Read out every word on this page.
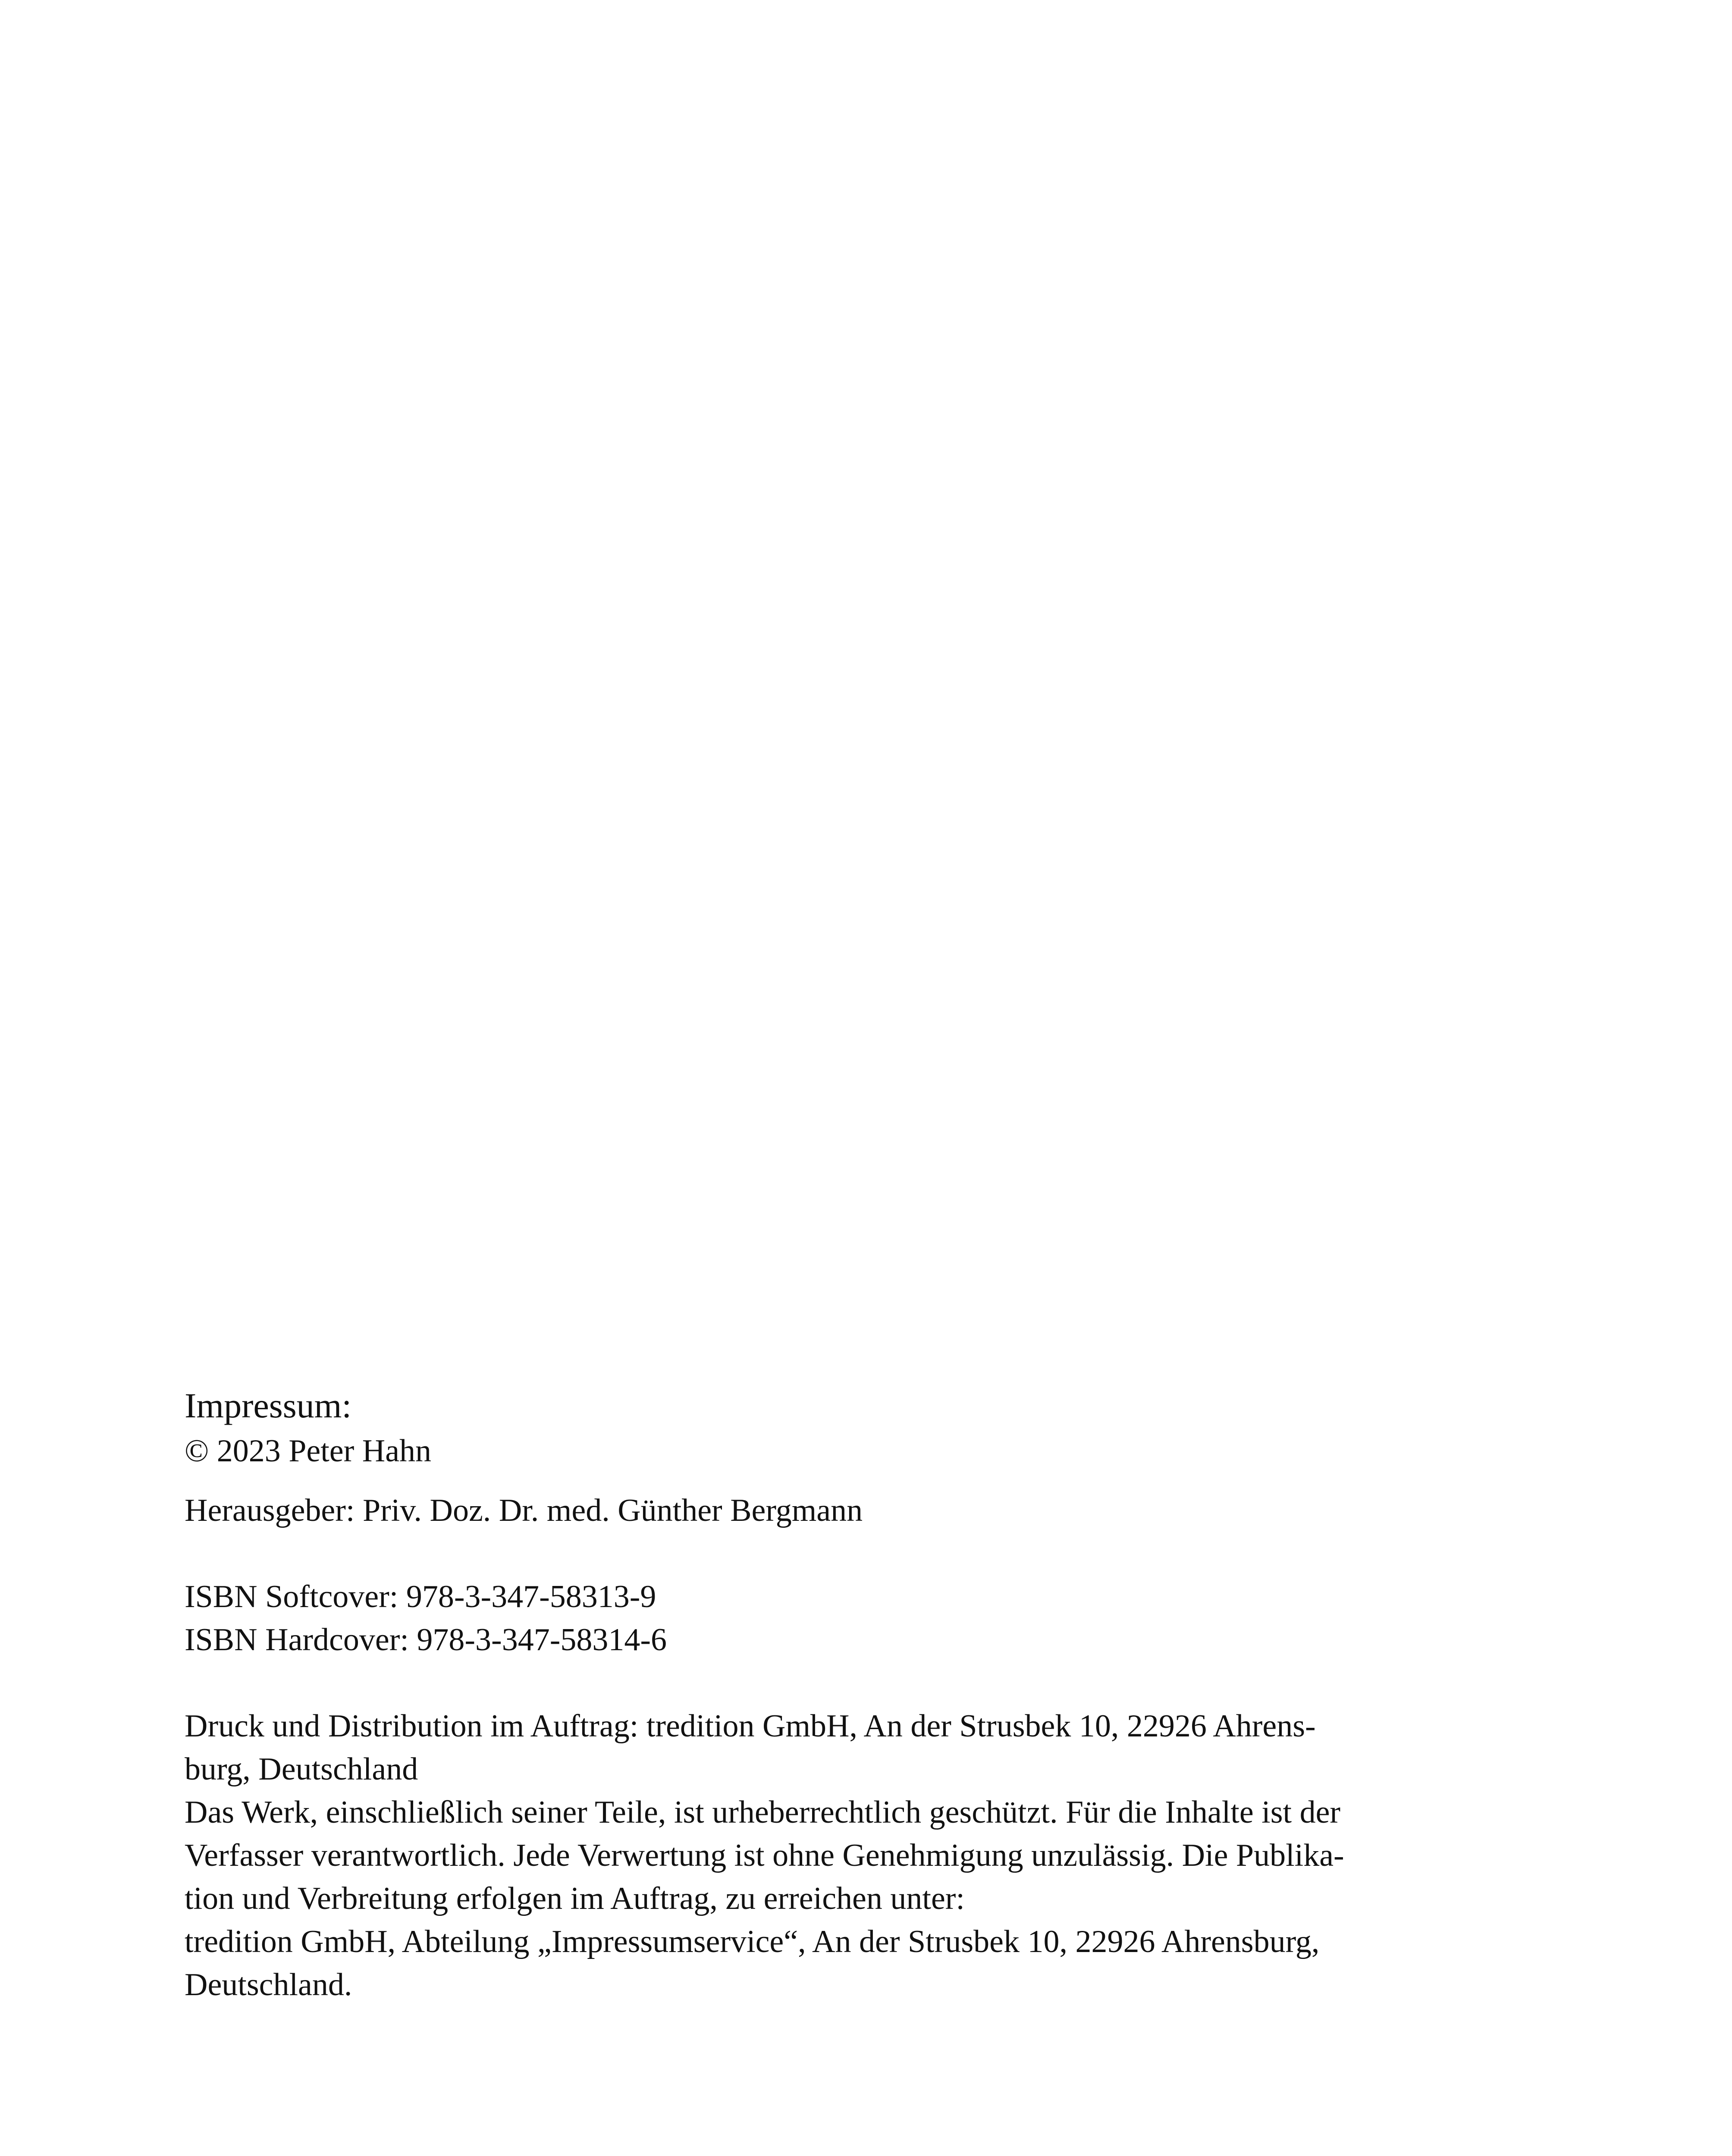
Impressum:
© 2023 Peter Hahn
Herausgeber: Priv. Doz. Dr. med. Günther Bergmann
ISBN Softcover: 978-3-347-58313-9
ISBN Hardcover: 978-3-347-58314-6
Druck und Distribution im Auftrag: tredition GmbH, An der Strusbek 10, 22926 Ahrens-
burg, Deutschland
Das Werk, einschließlich seiner Teile, ist urheberrechtlich geschützt. Für die Inhalte ist der
Verfasser verantwortlich. Jede Verwertung ist ohne Genehmigung unzulässig. Die Publika-
tion und Verbreitung erfolgen im Auftrag, zu erreichen unter:
tredition GmbH, Abteilung „Impressumservice“, An der Strusbek 10, 22926 Ahrensburg,
Deutschland.
